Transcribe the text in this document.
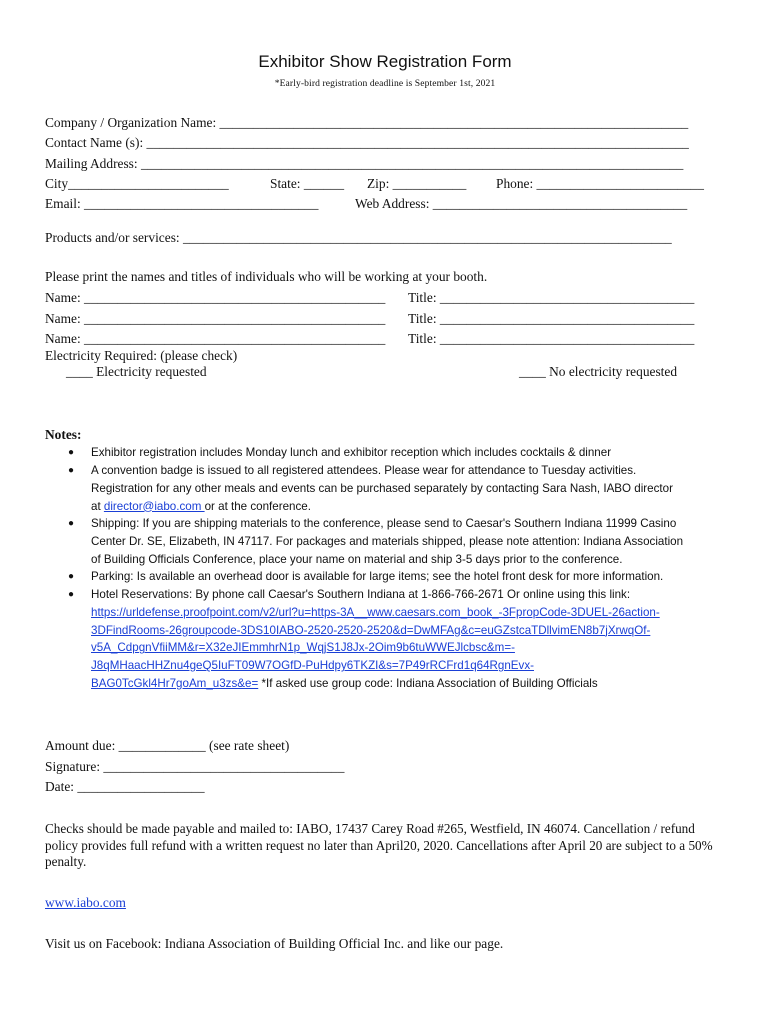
Exhibitor Show Registration Form
*Early-bird registration deadline is September 1st, 2021
Company / Organization Name: ______________________________________________________________________
Contact Name (s): _________________________________________________________________________________
Mailing Address: _________________________________________________________________________________
City________________________	State: ______ Zip: ___________ Phone: _________________________
Email: ___________________________________	Web Address: ______________________________________
Products and/or services: _________________________________________________________________________
Please print the names and titles of individuals who will be working at your booth.
Name: _____________________________________________ Title: ______________________________________
Name: _____________________________________________ Title: ______________________________________
Name: _____________________________________________ Title: ______________________________________
Electricity Required: (please check)
____ Electricity requested	____ No electricity requested
Notes:
● Exhibitor registration includes Monday lunch and exhibitor reception which includes cocktails & dinner
● A convention badge is issued to all registered attendees. Please wear for attendance to Tuesday activities.
Registration for any other meals and events can be purchased separately by contacting Sara Nash, IABO director
at director@iabo.com or at the conference.
● Shipping: If you are shipping materials to the conference, please send to Caesar's Southern Indiana 11999 Casino
Center Dr. SE, Elizabeth, IN 47117. For packages and materials shipped, please note attention: Indiana Association
of Building Officials Conference, place your name on material and ship 3-5 days prior to the conference.
● Parking: Is available an overhead door is available for large items; see the hotel front desk for more information.
● Hotel Reservations: By phone call Caesar's Southern Indiana at 1-866-766-2671 Or online using this link:
https://urldefense.proofpoint.com/v2/url?u=https-3A__www.caesars.com_book_-3FpropCode-3DUEL-26action-
3DFindRooms-26groupcode-3DS10IABO-2520-2520-2520&d=DwMFAg&c=euGZstcaTDllvimEN8b7jXrwqOf-
v5A_CdpgnVfiiMM&r=X32eJIEmmhrN1p_WqjS1J8Jx-2Oim9b6tuWWEJlcbsc&m=-
J8qMHaacHHZnu4geQ5IuFT09W7OGfD-PuHdpy6TKZI&s=7P49rRCFrd1q64RgnEvx-
BAG0TcGkl4Hr7goAm_u3zs&e= *If asked use group code: Indiana Association of Building Officials
Amount due: _____________ (see rate sheet)
Signature: ____________________________________
Date: ___________________
Checks should be made payable and mailed to: IABO, 17437 Carey Road #265, Westfield, IN 46074. Cancellation / refund policy provides full refund with a written request no later than April20, 2020. Cancellations after April 20 are subject to a 50% penalty.
www.iabo.com
Visit us on Facebook: Indiana Association of Building Official Inc. and like our page.
